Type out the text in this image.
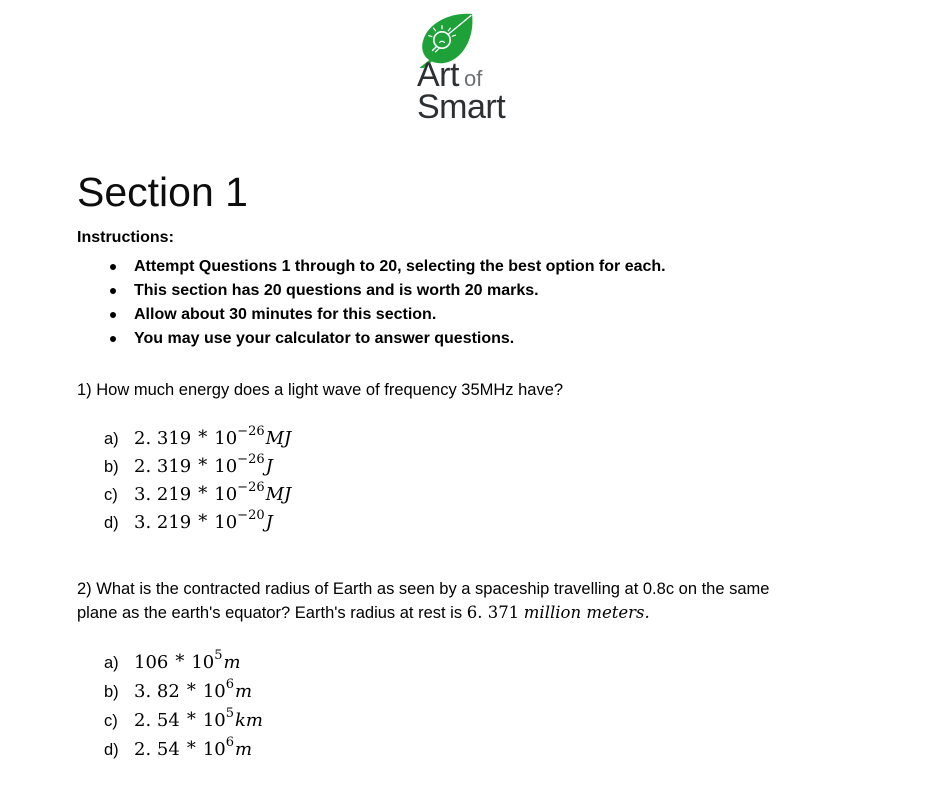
Art of
Smart
Section 1
Instructions:
Attempt Questions 1 through to 20, selecting the best option for each.
This section has 20 questions and is worth 20 marks.
Allow about 30 minutes for this section.
You may use your calculator to answer questions.
1) How much energy does a light wave of frequency 35MHz have?
a) 2. $319 * 10^{-26}MJ$
b) 2. $319 * 10^{-26}J$
c) 3. $219 * 10^{-26}MJ$
d) 3. $219 * 10^{-20}J$
2) What is the contracted radius of Earth as seen by a spaceship travelling at 0.8c on the same
plane as the earth's equator? Earth's radius at rest is 6. 371 million meters.
a) $106 * 10^5m$
b) 3. $82 * 10^6m$
c) 2. $54 * 10^5km$
d) 2. $54 * 10^6m$
